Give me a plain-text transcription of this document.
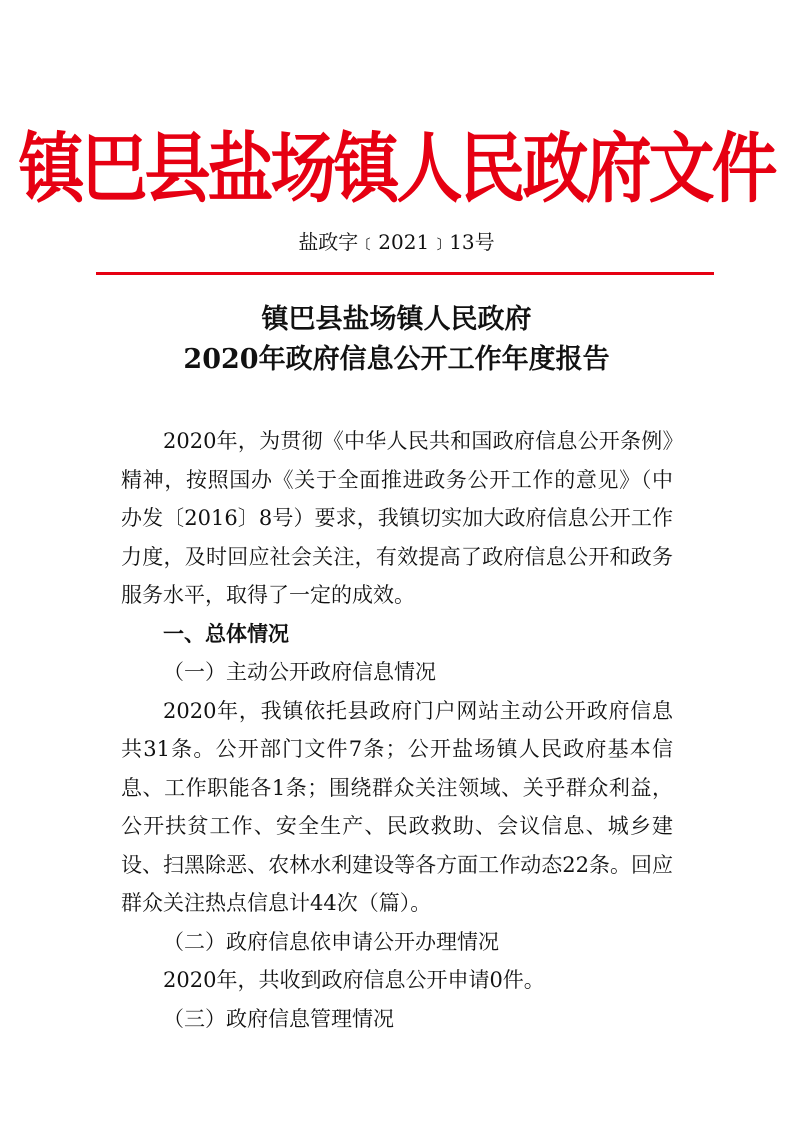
镇巴县盐场镇人民政府文件
盐政字﹝2021﹞13号
镇巴县盐场镇人民政府
2020年政府信息公开工作年度报告

2020年，为贯彻《中华人民共和国政府信息公开条例》精神，按照国办《关于全面推进政务公开工作的意见》（中办发〔2016〕8号）要求，我镇切实加大政府信息公开工作力度，及时回应社会关注，有效提高了政府信息公开和政务服务水平，取得了一定的成效。

一、总体情况

（一）主动公开政府信息情况

2020年，我镇依托县政府门户网站主动公开政府信息共31条。公开部门文件7条；公开盐场镇人民政府基本信息、工作职能各1条；围绕群众关注领域、关乎群众利益，公开扶贫工作、安全生产、民政救助、会议信息、城乡建设、扫黑除恶、农林水利建设等各方面工作动态22条。回应群众关注热点信息计44次（篇）。

（二）政府信息依申请公开办理情况

2020年，共收到政府信息公开申请0件。

（三）政府信息管理情况
